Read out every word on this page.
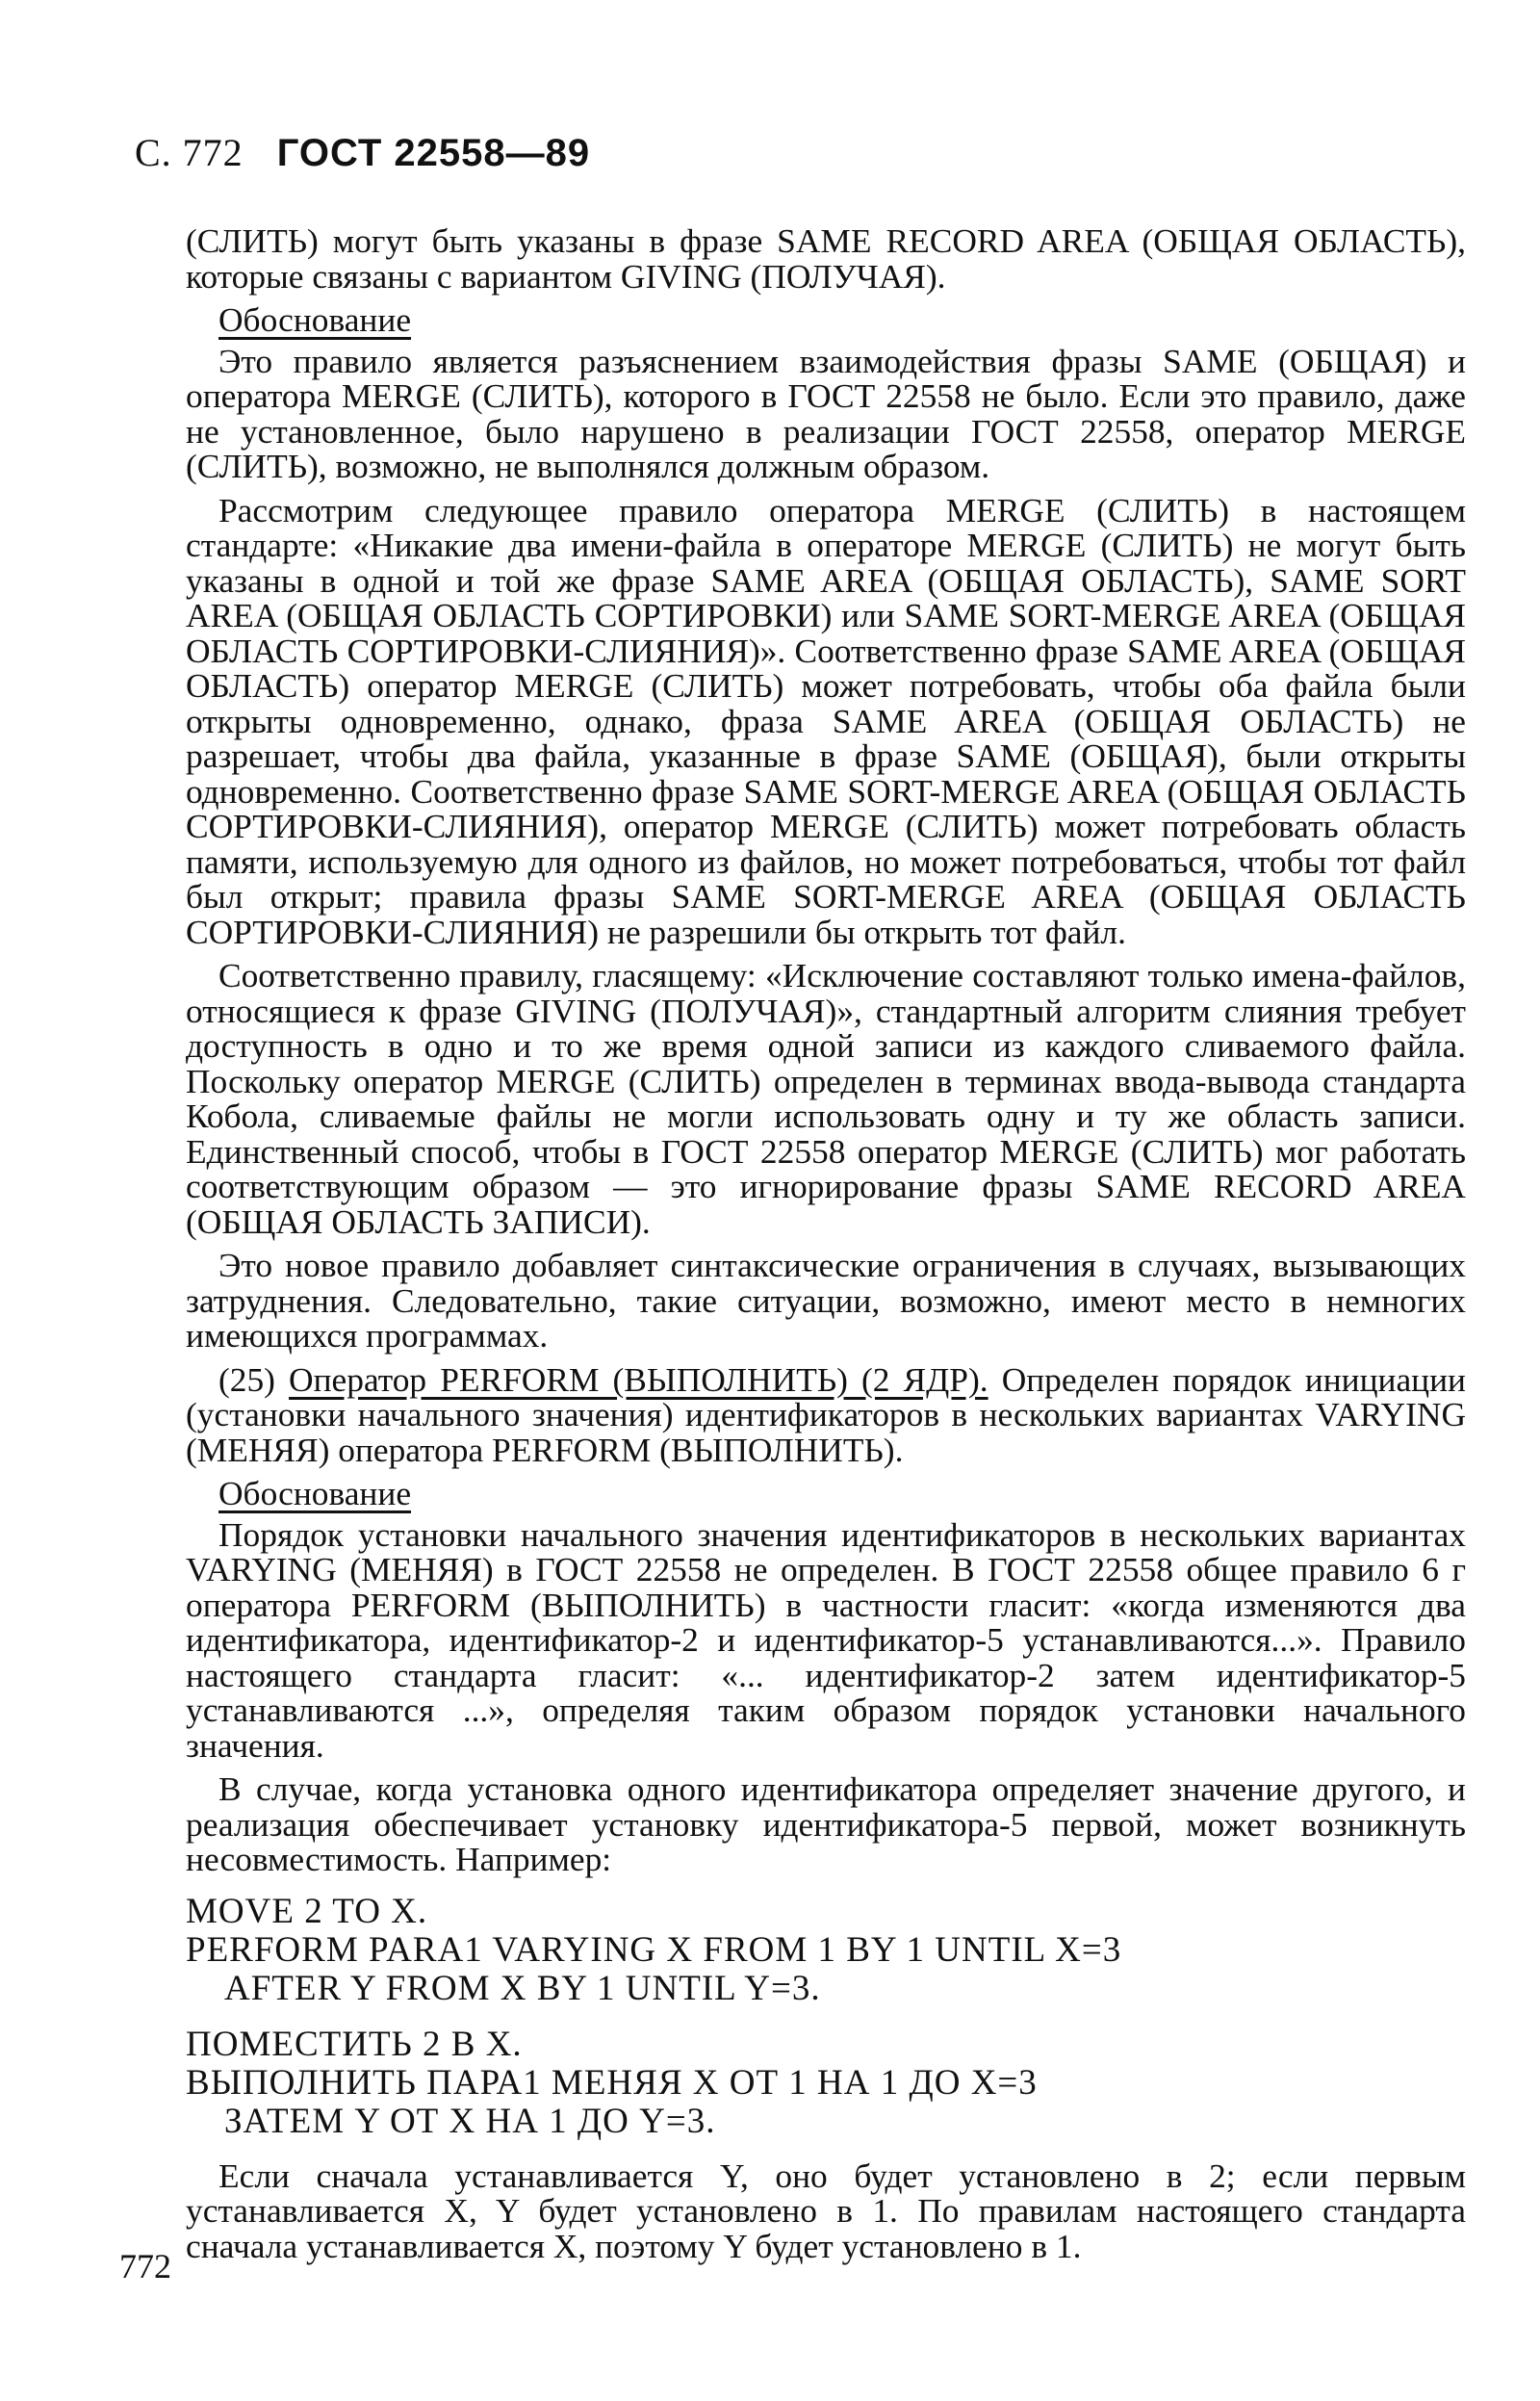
С. 772 ГОСТ 22558—89

(СЛИТЬ) могут быть указаны в фразе SAME RECORD AREA (ОБЩАЯ ОБЛАСТЬ), которые связаны с вариантом GIVING (ПОЛУЧАЯ).

Обоснование

Это правило является разъяснением взаимодействия фразы SAME (ОБЩАЯ) и оператора MERGE (СЛИТЬ), которого в ГОСТ 22558 не было. Если это правило, даже не установленное, было нарушено в реализации ГОСТ 22558, оператор MERGE (СЛИТЬ), возможно, не выполнялся должным образом.

Рассмотрим следующее правило оператора MERGE (СЛИТЬ) в настоящем стандарте: «Никакие два имени-файла в операторе MERGE (СЛИТЬ) не могут быть указаны в одной и той же фразе SAME AREA (ОБЩАЯ ОБЛАСТЬ), SAME SORT AREA (ОБЩАЯ ОБЛАСТЬ СОРТИРОВКИ) или SAME SORT-MERGE AREA (ОБЩАЯ ОБЛАСТЬ СОРТИРОВКИ-СЛИЯНИЯ)». Соответственно фразе SAME AREA (ОБЩАЯ ОБЛАСТЬ) оператор MERGE (СЛИТЬ) может потребовать, чтобы оба файла были открыты одновременно, однако, фраза SAME AREA (ОБЩАЯ ОБЛАСТЬ) не разрешает, чтобы два файла, указанные в фразе SAME (ОБЩАЯ), были открыты одновременно. Соответственно фразе SAME SORT-MERGE AREA (ОБЩАЯ ОБЛАСТЬ СОРТИРОВКИ-СЛИЯНИЯ), оператор MERGE (СЛИТЬ) может потребовать область памяти, используемую для одного из файлов, но может потребоваться, чтобы тот файл был открыт; правила фразы SAME SORT-MERGE AREA (ОБЩАЯ ОБЛАСТЬ СОРТИРОВКИ-СЛИЯНИЯ) не разрешили бы открыть тот файл.

Соответственно правилу, гласящему: «Исключение составляют только имена-файлов, относящиеся к фразе GIVING (ПОЛУЧАЯ)», стандартный алгоритм слияния требует доступность в одно и то же время одной записи из каждого сливаемого файла. Поскольку оператор MERGE (СЛИТЬ) определен в терминах ввода-вывода стандарта Кобола, сливаемые файлы не могли использовать одну и ту же область записи. Единственный способ, чтобы в ГОСТ 22558 оператор MERGE (СЛИТЬ) мог работать соответствующим образом — это игнорирование фразы SAME RECORD AREA (ОБЩАЯ ОБЛАСТЬ ЗАПИСИ).

Это новое правило добавляет синтаксические ограничения в случаях, вызывающих затруднения. Следовательно, такие ситуации, возможно, имеют место в немногих имеющихся программах.

(25) Оператор PERFORM (ВЫПОЛНИТЬ) (2 ЯДР). Определен порядок инициации (установки начального значения) идентификаторов в нескольких вариантах VARYING (МЕНЯЯ) оператора PERFORM (ВЫПОЛНИТЬ).

Обоснование

Порядок установки начального значения идентификаторов в нескольких вариантах VARYING (МЕНЯЯ) в ГОСТ 22558 не определен. В ГОСТ 22558 общее правило 6 г оператора PERFORM (ВЫПОЛНИТЬ) в частности гласит: «когда изменяются два идентификатора, идентификатор-2 и идентификатор-5 устанавливаются...». Правило настоящего стандарта гласит: «... идентификатор-2 затем идентификатор-5 устанавливаются ...», определяя таким образом порядок установки начального значения.

В случае, когда установка одного идентификатора определяет значение другого, и реализация обеспечивает установку идентификатора-5 первой, может возникнуть несовместимость. Например:

MOVE 2 TO X.
PERFORM PARA1 VARYING X FROM 1 BY 1 UNTIL X=3
AFTER Y FROM X BY 1 UNTIL Y=3.
ПОМЕСТИТЬ 2 В X.
ВЫПОЛНИТЬ ПАРА1 МЕНЯЯ X ОТ 1 НА 1 ДО X=3
ЗАТЕМ Y ОТ X НА 1 ДО Y=3.

Если сначала устанавливается Y, оно будет установлено в 2; если первым устанавливается X, Y будет установлено в 1. По правилам настоящего стандарта сначала устанавливается X, поэтому Y будет установлено в 1.

772
